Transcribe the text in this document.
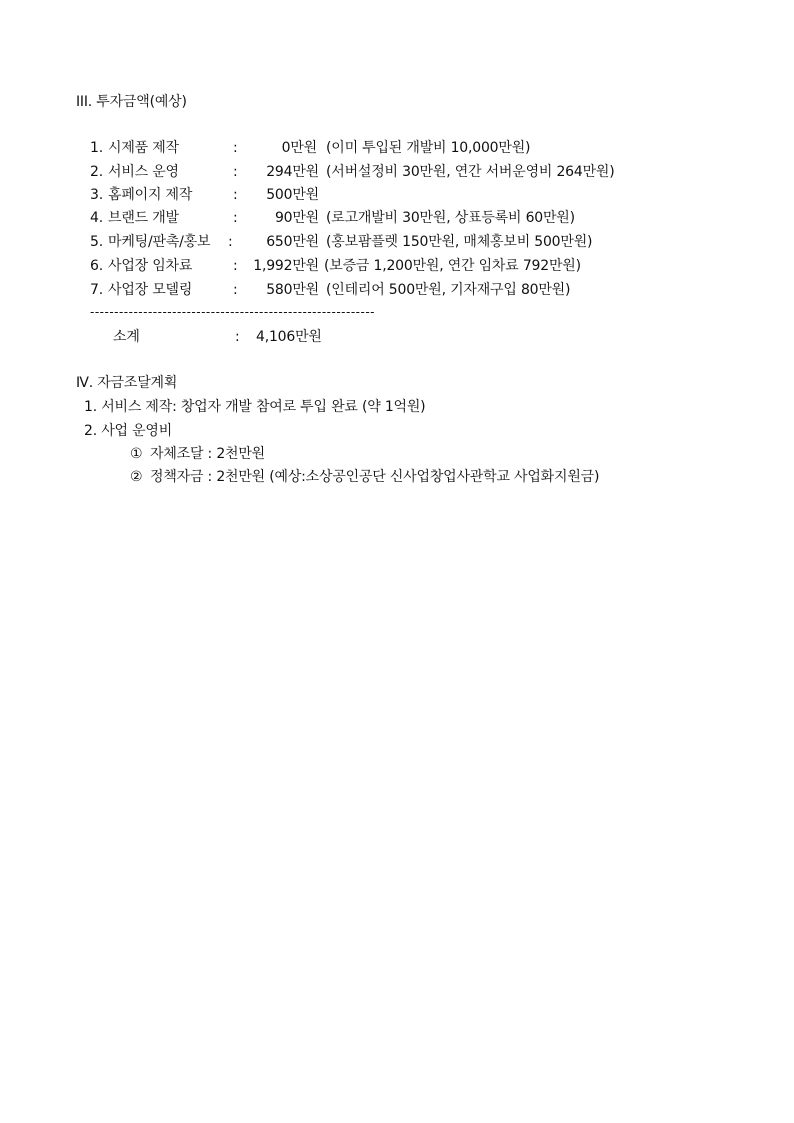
III. 투자금액(예상)
1. 시제품 제작	:	0만원 (이미 투입된 개발비 10,000만원)
2. 서비스 운영	:	294만원 (서버설정비 30만원, 연간 서버운영비 264만원)
3. 홈페이지 제작	:	500만원
4. 브랜드 개발	:	90만원 (로고개발비 30만원, 상표등록비 60만원)
5. 마케팅/판촉/홍보 :	650만원 (홍보팜플렛 150만원, 매체홍보비 500만원)
6. 사업장 임차료	:	1,992만원 (보증금 1,200만원, 연간 임차료 792만원)
7. 사업장 모델링	:	580만원 (인테리어 500만원, 기자재구입 80만원)
-----------------------------------------------------------
소계	: 4,106만원
Ⅳ. 자금조달계획
1. 서비스 제작: 창업자 개발 참여로 투입 완료 (약 1억원)
2. 사업 운영비
① 자체조달 : 2천만원
② 정책자금 : 2천만원 (예상:소상공인공단 신사업창업사관학교 사업화지원금)
